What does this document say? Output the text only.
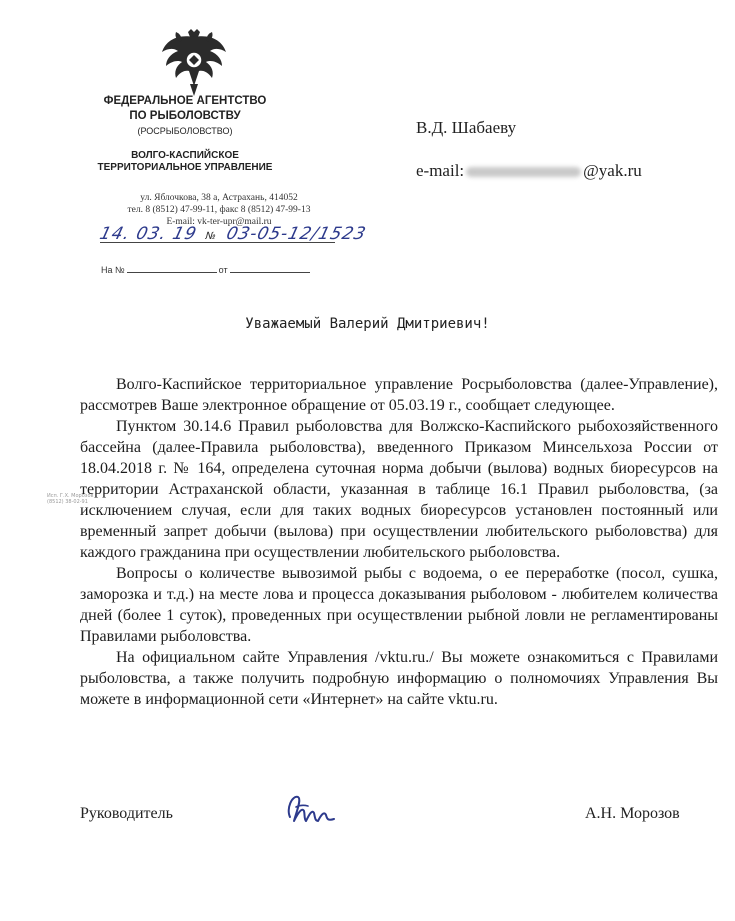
ФЕДЕРАЛЬНОЕ АГЕНТСТВО
ПО РЫБОЛОВСТВУ
(РОСРЫБОЛОВСТВО)
ВОЛГО-КАСПИЙСКОЕ
ТЕРРИТОРИАЛЬНОЕ УПРАВЛЕНИЕ
ул. Яблочкова, 38 а, Астрахань, 414052
тел. 8 (8512) 47-99-11, факс 8 (8512) 47-99-13
E-mail: vk-ter-upr@mail.ru
14. 03. 19 № 03-05-12/1523
На №	от
В.Д. Шабаеву
e-mail:	@yak.ru
Уважаемый Валерий Дмитриевич!

Волго-Каспийское территориальное управление Росрыболовства (далее-Управление), рассмотрев Ваше электронное обращение от 05.03.19 г., сообщает следующее.

Пунктом 30.14.6 Правил рыболовства для Волжско-Каспийского рыбохозяйственного бассейна (далее-Правила рыболовства), введенного Приказом Минсельхоза России от 18.04.2018 г. № 164, определена суточная норма добычи (вылова) водных биоресурсов на территории Астраханской области, указанная в таблице 16.1 Правил рыболовства, (за исключением случая, если для таких водных биоресурсов установлен постоянный или временный запрет добычи (вылова) при осуществлении любительского рыболовства) для каждого гражданина при осуществлении любительского рыболовства.

Вопросы о количестве вывозимой рыбы с водоема, о ее переработке (посол, сушка, заморозка и т.д.) на месте лова и процесса доказывания рыболовом - любителем количества дней (более 1 суток), проведенных при осуществлении рыбной ловли не регламентированы Правилами рыболовства.

На официальном сайте Управления /vktu.ru./ Вы можете ознакомиться с Правилами рыболовства, а также получить подробную информацию о полномочиях Управления Вы можете в информационной сети «Интернет» на сайте vktu.ru.

Исп. Г.Х. Морозов
(8512) 38-02-91
Руководитель	А.Н. Морозов
